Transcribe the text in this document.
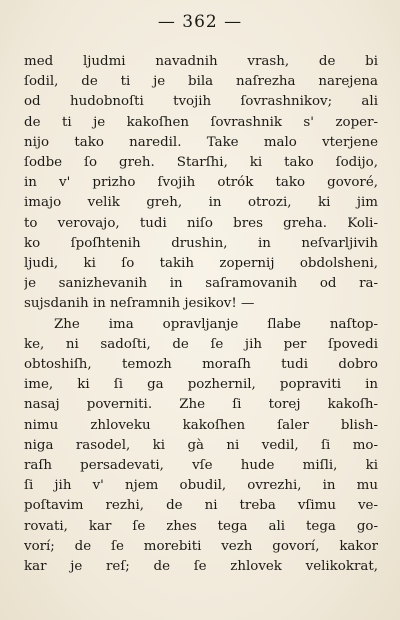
— 362 —
med ljudmi navadnih vrash, de bi
ſodil, de ti je bila naſrezha narejena
od hudobnoſti tvojih ſovrashnikov; ali
de ti je kakoſhen ſovrashnik s' zoper-
nijo tako naredil. Take malo vterjene
ſodbe ſo greh. Starſhi, ki tako ſodijo,
in v' prizho ſvojih otrók tako govoré,
imajo velik greh, in otrozi, ki jim
to verovajo, tudi niſo bres greha. Koli-
ko ſpoſhtenih drushin, in neſvarljivih
ljudi, ki ſo takih zopernij obdolsheni,
je sanizhevanih in saſramovanih od ra-
sujsdanih in neſramnih jesikov! —
Zhe ima opravljanje ſlabe naſtop-
ke, ni sadoſti, de ſe jih per ſpovedi
obtoshiſh, temozh moraſh tudi dobro
ime, ki ſi ga pozhernil, popraviti in
nasaj poverniti. Zhe ſi torej kakoſh-
nimu zhloveku kakoſhen ſaler blish-
niga rasodel, ki gà ni vedil, ſi mo-
raſh persadevati, vſe hude miſli, ki
ſi jih v' njem obudil, ovrezhi, in mu
poſtavim rezhi, de ni treba vſimu ve-
rovati, kar ſe zhes tega ali tega go-
vorí; de ſe morebiti vezh govorí, kakor
kar je reſ; de ſe zhlovek velikokrat,
